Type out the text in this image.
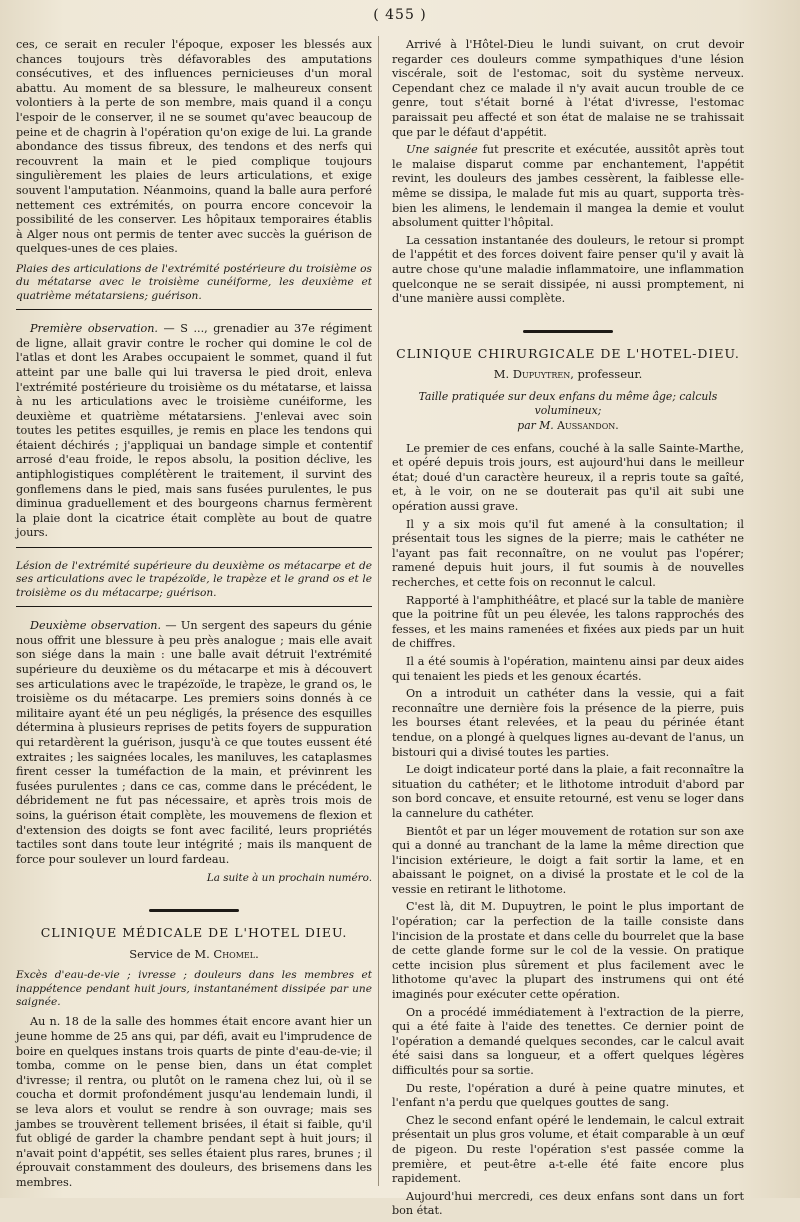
( 455 )

ces, ce serait en reculer l'époque, exposer les blessés aux chances toujours très défavorables des amputations consécutives, et des influences pernicieuses d'un moral abattu. Au moment de sa blessure, le malheureux consent volontiers à la perte de son membre, mais quand il a conçu l'espoir de le conserver, il ne se soumet qu'avec beaucoup de peine et de chagrin à l'opération qu'on exige de lui. La grande abondance des tissus fibreux, des tendons et des nerfs qui recouvrent la main et le pied complique toujours singulièrement les plaies de leurs articulations, et exige souvent l'amputation. Néanmoins, quand la balle aura perforé nettement ces extrémités, on pourra encore concevoir la possibilité de les conserver. Les hôpitaux temporaires établis à Alger nous ont permis de tenter avec succès la guérison de quelques-unes de ces plaies.

Plaies des articulations de l'extrémité postérieure du troisième os du métatarse avec le troisième cunéiforme, les deuxième et quatrième métatarsiens; guérison.

Première observation. — S ..., grenadier au 37e régiment de ligne, allait gravir contre le rocher qui domine le col de l'atlas et dont les Arabes occupaient le sommet, quand il fut atteint par une balle qui lui traversa le pied droit, enleva l'extrémité postérieure du troisième os du métatarse, et laissa à nu les articulations avec le troisième cunéiforme, les deuxième et quatrième métatarsiens. J'enlevai avec soin toutes les petites esquilles, je remis en place les tendons qui étaient déchirés ; j'appliquai un bandage simple et contentif arrosé d'eau froide, le repos absolu, la position déclive, les antiphlogistiques complétèrent le traitement, il survint des gonflemens dans le pied, mais sans fusées purulentes, le pus diminua graduellement et des bourgeons charnus fermèrent la plaie dont la cicatrice était complète au bout de quatre jours.

Lésion de l'extrémité supérieure du deuxième os métacarpe et de ses articulations avec le trapézoïde, le trapèze et le grand os et le troisième os du métacarpe; guérison.

Deuxième observation. — Un sergent des sapeurs du génie nous offrit une blessure à peu près analogue ; mais elle avait son siége dans la main : une balle avait détruit l'extrémité supérieure du deuxième os du métacarpe et mis à découvert ses articulations avec le trapézoïde, le trapèze, le grand os, le troisième os du métacarpe. Les premiers soins donnés à ce militaire ayant été un peu négligés, la présence des esquilles détermina à plusieurs reprises de petits foyers de suppuration qui retardèrent la guérison, jusqu'à ce que toutes eussent été extraites ; les saignées locales, les maniluves, les cataplasmes firent cesser la tuméfaction de la main, et prévinrent les fusées purulentes ; dans ce cas, comme dans le précédent, le débridement ne fut pas nécessaire, et après trois mois de soins, la guérison était complète, les mouvemens de flexion et d'extension des doigts se font avec facilité, leurs propriétés tactiles sont dans toute leur intégrité ; mais ils manquent de force pour soulever un lourd fardeau.

La suite à un prochain numéro.

CLINIQUE MÉDICALE DE L'HOTEL DIEU.

Service de M. Chomel.

Excès d'eau-de-vie ; ivresse ; douleurs dans les membres et inappétence pendant huit jours, instantanément dissipée par une saignée.

Au n. 18 de la salle des hommes était encore avant hier un jeune homme de 25 ans qui, par défi, avait eu l'imprudence de boire en quelques instans trois quarts de pinte d'eau-de-vie; il tomba, comme on le pense bien, dans un état complet d'ivresse; il rentra, ou plutôt on le ramena chez lui, où il se coucha et dormit profondément jusqu'au lendemain lundi, il se leva alors et voulut se rendre à son ouvrage; mais ses jambes se trouvèrent tellement brisées, il était si faible, qu'il fut obligé de garder la chambre pendant sept à huit jours; il n'avait point d'appétit, ses selles étaient plus rares, brunes ; il éprouvait constamment des douleurs, des brisemens dans les membres.

Arrivé à l'Hôtel-Dieu le lundi suivant, on crut devoir regarder ces douleurs comme sympathiques d'une lésion viscérale, soit de l'estomac, soit du système nerveux. Cependant chez ce malade il n'y avait aucun trouble de ce genre, tout s'était borné à l'état d'ivresse, l'estomac paraissait peu affecté et son état de malaise ne se trahissait que par le défaut d'appétit.

Une saignée fut prescrite et exécutée, aussitôt après tout le malaise disparut comme par enchantement, l'appétit revint, les douleurs des jambes cessèrent, la faiblesse elle-même se dissipa, le malade fut mis au quart, supporta très-bien les alimens, le lendemain il mangea la demie et voulut absolument quitter l'hôpital.

La cessation instantanée des douleurs, le retour si prompt de l'appétit et des forces doivent faire penser qu'il y avait là autre chose qu'une maladie inflammatoire, une inflammation quelconque ne se serait dissipée, ni aussi promptement, ni d'une manière aussi complète.

CLINIQUE CHIRURGICALE DE L'HOTEL-DIEU.

M. Dupuytren, professeur.

Taille pratiquée sur deux enfans du même âge; calculs volumineux;
par M. Aussandon.

Le premier de ces enfans, couché à la salle Sainte-Marthe, et opéré depuis trois jours, est aujourd'hui dans le meilleur état; doué d'un caractère heureux, il a repris toute sa gaîté, et, à le voir, on ne se douterait pas qu'il ait subi une opération aussi grave.

Il y a six mois qu'il fut amené à la consultation; il présentait tous les signes de la pierre; mais le cathéter ne l'ayant pas fait reconnaître, on ne voulut pas l'opérer; ramené depuis huit jours, il fut soumis à de nouvelles recherches, et cette fois on reconnut le calcul.

Rapporté à l'amphithéâtre, et placé sur la table de manière que la poitrine fût un peu élevée, les talons rapprochés des fesses, et les mains ramenées et fixées aux pieds par un huit de chiffres.

Il a été soumis à l'opération, maintenu ainsi par deux aides qui tenaient les pieds et les genoux écartés.

On a introduit un cathéter dans la vessie, qui a fait reconnaître une dernière fois la présence de la pierre, puis les bourses étant relevées, et la peau du périnée étant tendue, on a plongé à quelques lignes au-devant de l'anus, un bistouri qui a divisé toutes les parties.

Le doigt indicateur porté dans la plaie, a fait reconnaître la situation du cathéter; et le lithotome introduit d'abord par son bord concave, et ensuite retourné, est venu se loger dans la cannelure du cathéter.

Bientôt et par un léger mouvement de rotation sur son axe qui a donné au tranchant de la lame la même direction que l'incision extérieure, le doigt a fait sortir la lame, et en abaissant le poignet, on a divisé la prostate et le col de la vessie en retirant le lithotome.

C'est là, dit M. Dupuytren, le point le plus important de l'opération; car la perfection de la taille consiste dans l'incision de la prostate et dans celle du bourrelet que la base de cette glande forme sur le col de la vessie. On pratique cette incision plus sûrement et plus facilement avec le lithotome qu'avec la plupart des instrumens qui ont été imaginés pour exécuter cette opération.

On a procédé immédiatement à l'extraction de la pierre, qui a été faite à l'aide des tenettes. Ce dernier point de l'opération a demandé quelques secondes, car le calcul avait été saisi dans sa longueur, et a offert quelques légères difficultés pour sa sortie.

Du reste, l'opération a duré à peine quatre minutes, et l'enfant n'a perdu que quelques gouttes de sang.

Chez le second enfant opéré le lendemain, le calcul extrait présentait un plus gros volume, et était comparable à un œuf de pigeon. Du reste l'opération s'est passée comme la première, et peut-être a-t-elle été faite encore plus rapidement.

Aujourd'hui mercredi, ces deux enfans sont dans un fort bon état.
